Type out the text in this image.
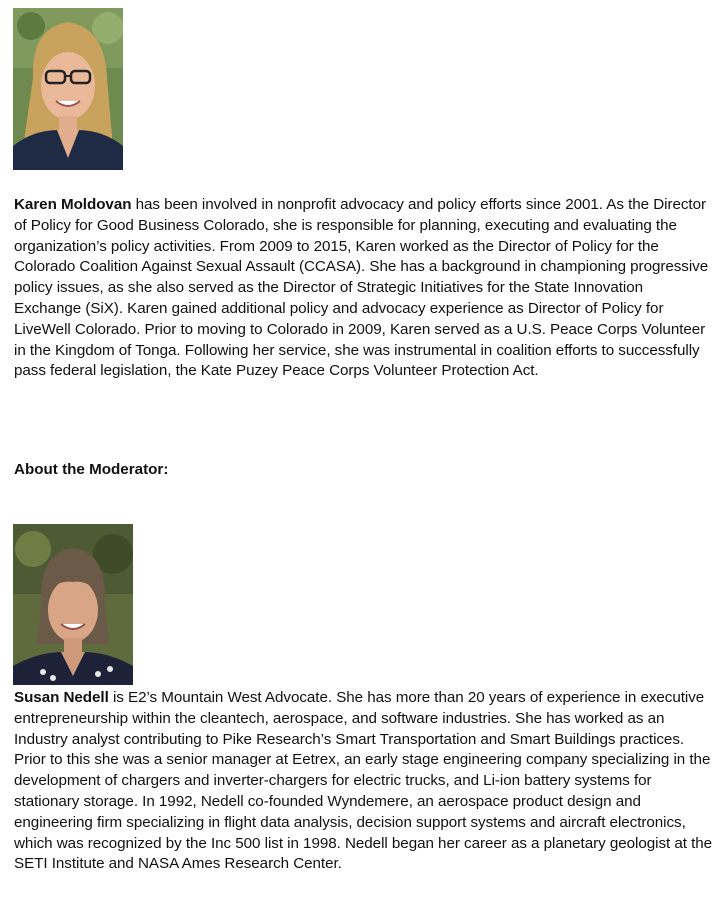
Karen Moldovan has been involved in nonprofit advocacy and policy efforts since 2001. As the Director of Policy for Good Business Colorado, she is responsible for planning, executing and evaluating the organization’s policy activities. From 2009 to 2015, Karen worked as the Director of Policy for the Colorado Coalition Against Sexual Assault (CCASA). She has a background in championing progressive policy issues, as she also served as the Director of Strategic Initiatives for the State Innovation Exchange (SiX). Karen gained additional policy and advocacy experience as Director of Policy for LiveWell Colorado. Prior to moving to Colorado in 2009, Karen served as a U.S. Peace Corps Volunteer in the Kingdom of Tonga. Following her service, she was instrumental in coalition efforts to successfully pass federal legislation, the Kate Puzey Peace Corps Volunteer Protection Act.

About the Moderator:

Susan Nedell is E2’s Mountain West Advocate. She has more than 20 years of experience in executive entrepreneurship within the cleantech, aerospace, and software industries. She has worked as an Industry analyst contributing to Pike Research’s Smart Transportation and Smart Buildings practices. Prior to this she was a senior manager at Eetrex, an early stage engineering company specializing in the development of chargers and inverter-chargers for electric trucks, and Li-ion battery systems for stationary storage. In 1992, Nedell co-founded Wyndemere, an aerospace product design and engineering firm specializing in flight data analysis, decision support systems and aircraft electronics, which was recognized by the Inc 500 list in 1998. Nedell began her career as a planetary geologist at the SETI Institute and NASA Ames Research Center.
